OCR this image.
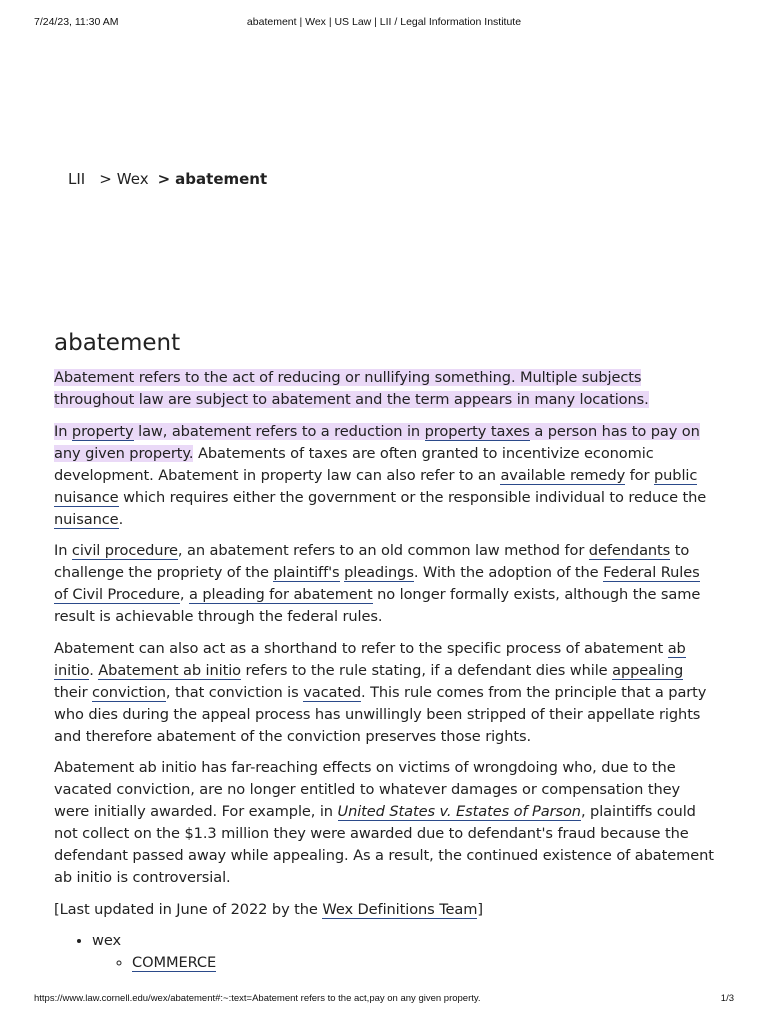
7/24/23, 11:30 AM	abatement | Wex | US Law | LII / Legal Information Institute
LII > Wex > abatement
abatement

Abatement refers to the act of reducing or nullifying something. Multiple subjects throughout law are subject to abatement and the term appears in many locations.

In property law, abatement refers to a reduction in property taxes a person has to pay on any given property. Abatements of taxes are often granted to incentivize economic development. Abatement in property law can also refer to an available remedy for public nuisance which requires either the government or the responsible individual to reduce the nuisance.

In civil procedure, an abatement refers to an old common law method for defendants to challenge the propriety of the plaintiff's pleadings. With the adoption of the Federal Rules of Civil Procedure, a pleading for abatement no longer formally exists, although the same result is achievable through the federal rules.

Abatement can also act as a shorthand to refer to the specific process of abatement ab initio. Abatement ab initio refers to the rule stating, if a defendant dies while appealing their conviction, that conviction is vacated. This rule comes from the principle that a party who dies during the appeal process has unwillingly been stripped of their appellate rights and therefore abatement of the conviction preserves those rights.

Abatement ab initio has far-reaching effects on victims of wrongdoing who, due to the vacated conviction, are no longer entitled to whatever damages or compensation they were initially awarded. For example, in United States v. Estates of Parson, plaintiffs could not collect on the $1.3 million they were awarded due to defendant's fraud because the defendant passed away while appealing. As a result, the continued existence of abatement ab initio is controversial.

[Last updated in June of 2022 by the Wex Definitions Team]

• wex
◦ COMMERCE
https://www.law.cornell.edu/wex/abatement#:~:text=Abatement refers to the act,pay on any given property.	1/3
